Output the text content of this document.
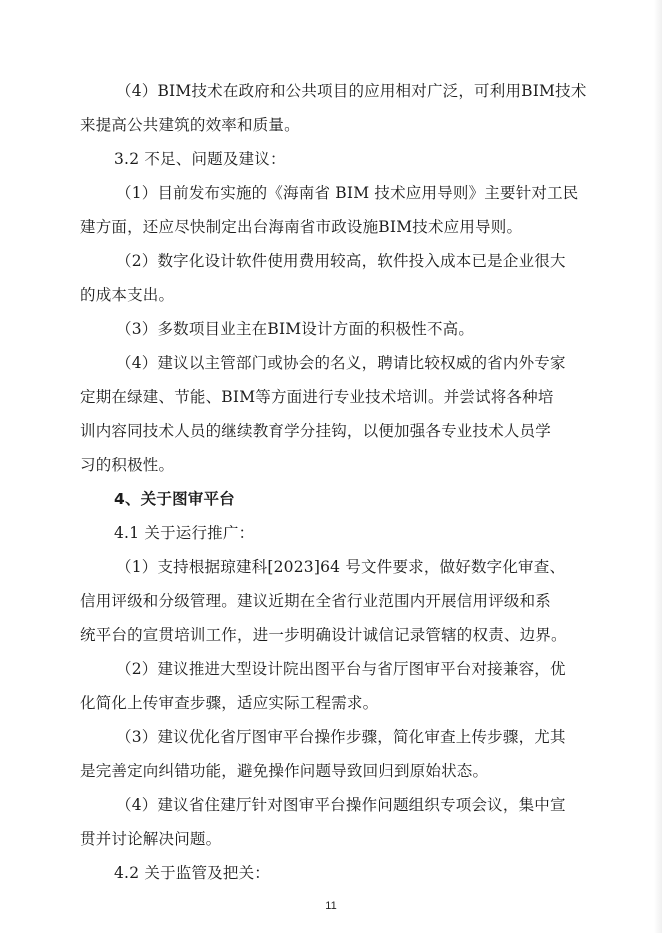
（4）BIM技术在政府和公共项目的应用相对广泛，可利用BIM技术
来提高公共建筑的效率和质量。
3.2 不足、问题及建议：
（1）目前发布实施的《海南省 BIM 技术应用导则》主要针对工民
建方面，还应尽快制定出台海南省市政设施BIM技术应用导则。
（2）数字化设计软件使用费用较高，软件投入成本已是企业很大
的成本支出。
（3）多数项目业主在BIM设计方面的积极性不高。
（4）建议以主管部门或协会的名义，聘请比较权威的省内外专家
定期在绿建、节能、BIM等方面进行专业技术培训。并尝试将各种培
训内容同技术人员的继续教育学分挂钩，以便加强各专业技术人员学
习的积极性。
4、关于图审平台
4.1 关于运行推广：
（1）支持根据琼建科[2023]64 号文件要求，做好数字化审查、
信用评级和分级管理。建议近期在全省行业范围内开展信用评级和系
统平台的宣贯培训工作，进一步明确设计诚信记录管辖的权责、边界。
（2）建议推进大型设计院出图平台与省厅图审平台对接兼容，优
化简化上传审查步骤，适应实际工程需求。
（3）建议优化省厅图审平台操作步骤，简化审查上传步骤，尤其
是完善定向纠错功能，避免操作问题导致回归到原始状态。
（4）建议省住建厅针对图审平台操作问题组织专项会议，集中宣
贯并讨论解决问题。
4.2 关于监管及把关：
11
